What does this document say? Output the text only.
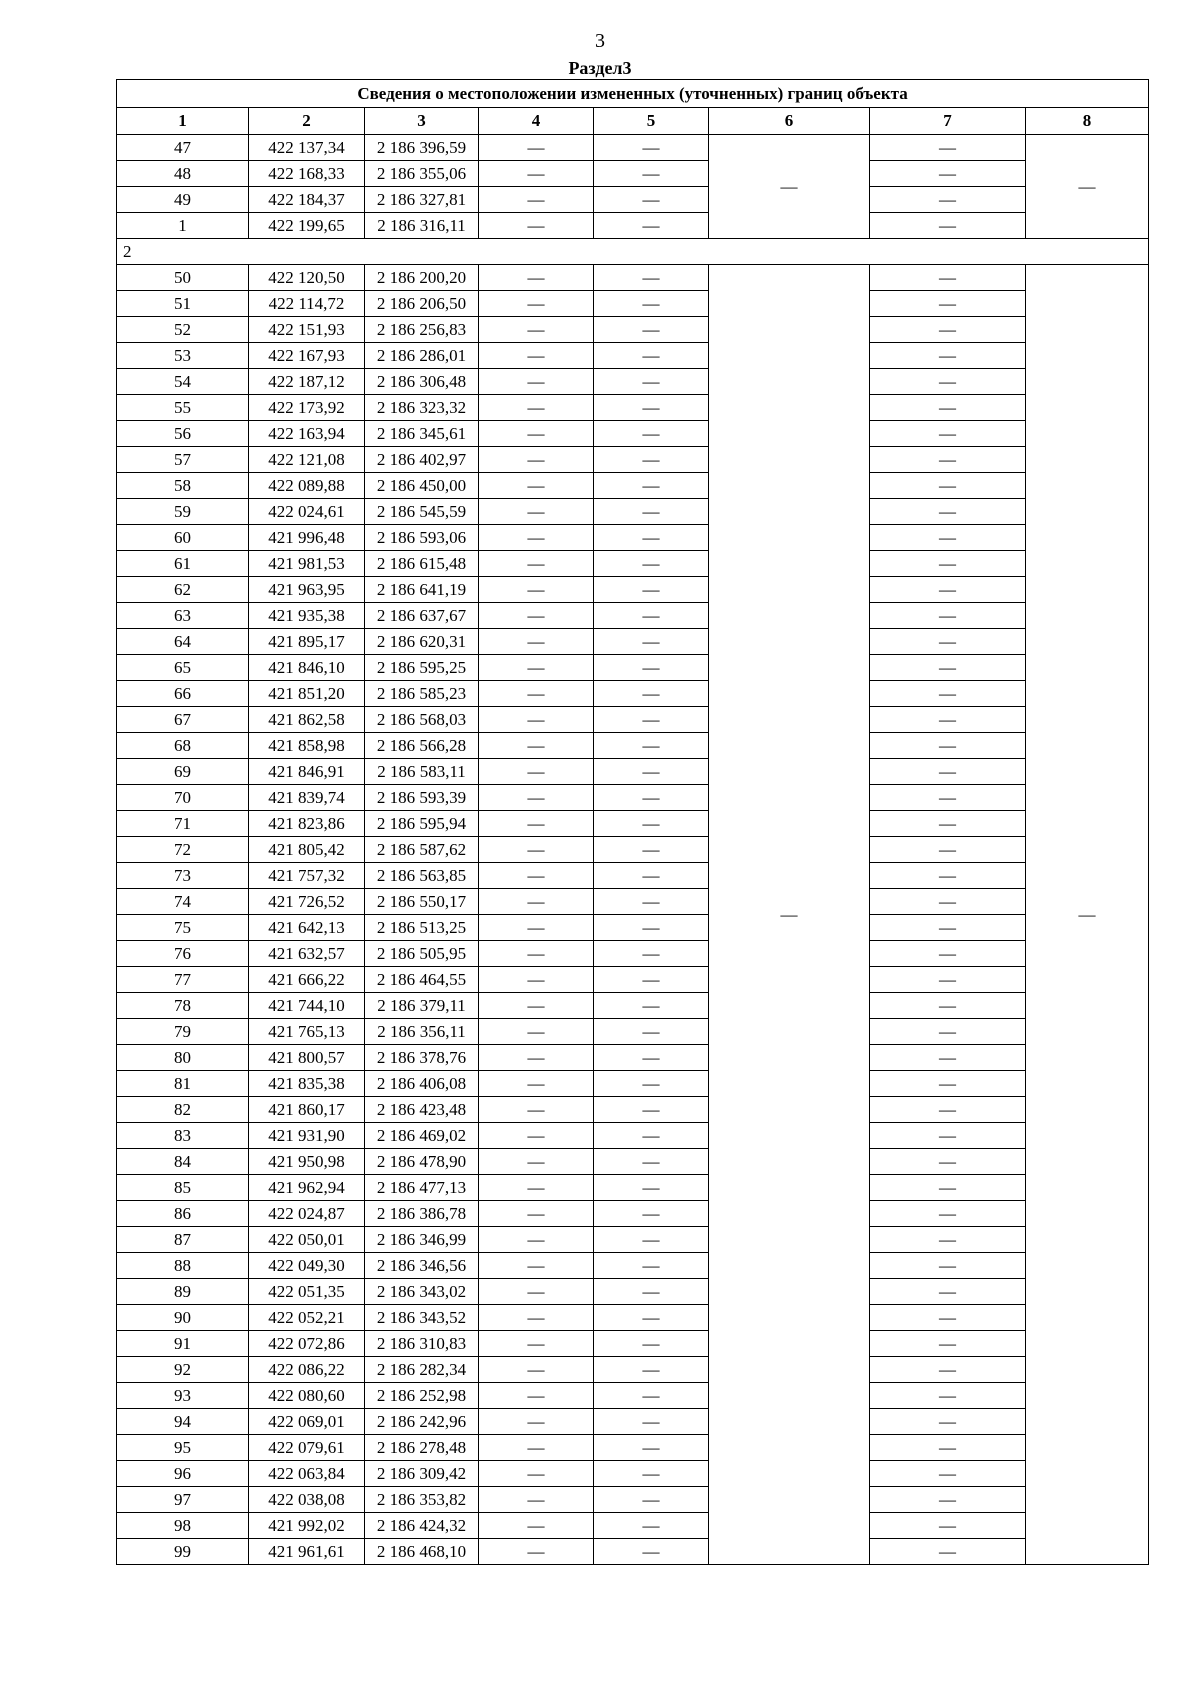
3
Раздел3
Сведения о местоположении измененных (уточненных) границ объекта							
1	2	3	4	5	6	7	8
47	422 137,34	2 186 396,59	—	—	—	—	—
48	422 168,33	2 186 355,06	—	—		—	
49	422 184,37	2 186 327,81	—	—		—	
1	422 199,65	2 186 316,11	—	—		—	
2							
50	422 120,50	2 186 200,20	—	—	—	—	—
51	422 114,72	2 186 206,50	—	—		—	
52	422 151,93	2 186 256,83	—	—		—	
53	422 167,93	2 186 286,01	—	—		—	
54	422 187,12	2 186 306,48	—	—		—	
55	422 173,92	2 186 323,32	—	—		—	
56	422 163,94	2 186 345,61	—	—		—	
57	422 121,08	2 186 402,97	—	—		—	
58	422 089,88	2 186 450,00	—	—		—	
59	422 024,61	2 186 545,59	—	—		—	
60	421 996,48	2 186 593,06	—	—		—	
61	421 981,53	2 186 615,48	—	—		—	
62	421 963,95	2 186 641,19	—	—		—	
63	421 935,38	2 186 637,67	—	—		—	
64	421 895,17	2 186 620,31	—	—		—	
65	421 846,10	2 186 595,25	—	—		—	
66	421 851,20	2 186 585,23	—	—		—	
67	421 862,58	2 186 568,03	—	—		—	
68	421 858,98	2 186 566,28	—	—		—	
69	421 846,91	2 186 583,11	—	—		—	
70	421 839,74	2 186 593,39	—	—		—	
71	421 823,86	2 186 595,94	—	—		—	
72	421 805,42	2 186 587,62	—	—		—	
73	421 757,32	2 186 563,85	—	—		—	
74	421 726,52	2 186 550,17	—	—		—	
75	421 642,13	2 186 513,25	—	—		—	
76	421 632,57	2 186 505,95	—	—		—	
77	421 666,22	2 186 464,55	—	—		—	
78	421 744,10	2 186 379,11	—	—		—	
79	421 765,13	2 186 356,11	—	—		—	
80	421 800,57	2 186 378,76	—	—		—	
81	421 835,38	2 186 406,08	—	—		—	
82	421 860,17	2 186 423,48	—	—		—	
83	421 931,90	2 186 469,02	—	—		—	
84	421 950,98	2 186 478,90	—	—		—	
85	421 962,94	2 186 477,13	—	—		—	
86	422 024,87	2 186 386,78	—	—		—	
87	422 050,01	2 186 346,99	—	—		—	
88	422 049,30	2 186 346,56	—	—		—	
89	422 051,35	2 186 343,02	—	—		—	
90	422 052,21	2 186 343,52	—	—		—	
91	422 072,86	2 186 310,83	—	—		—	
92	422 086,22	2 186 282,34	—	—		—	
93	422 080,60	2 186 252,98	—	—		—	
94	422 069,01	2 186 242,96	—	—		—	
95	422 079,61	2 186 278,48	—	—		—	
96	422 063,84	2 186 309,42	—	—		—	
97	422 038,08	2 186 353,82	—	—		—	
98	421 992,02	2 186 424,32	—	—		—	
99	421 961,61	2 186 468,10	—	—		—	
